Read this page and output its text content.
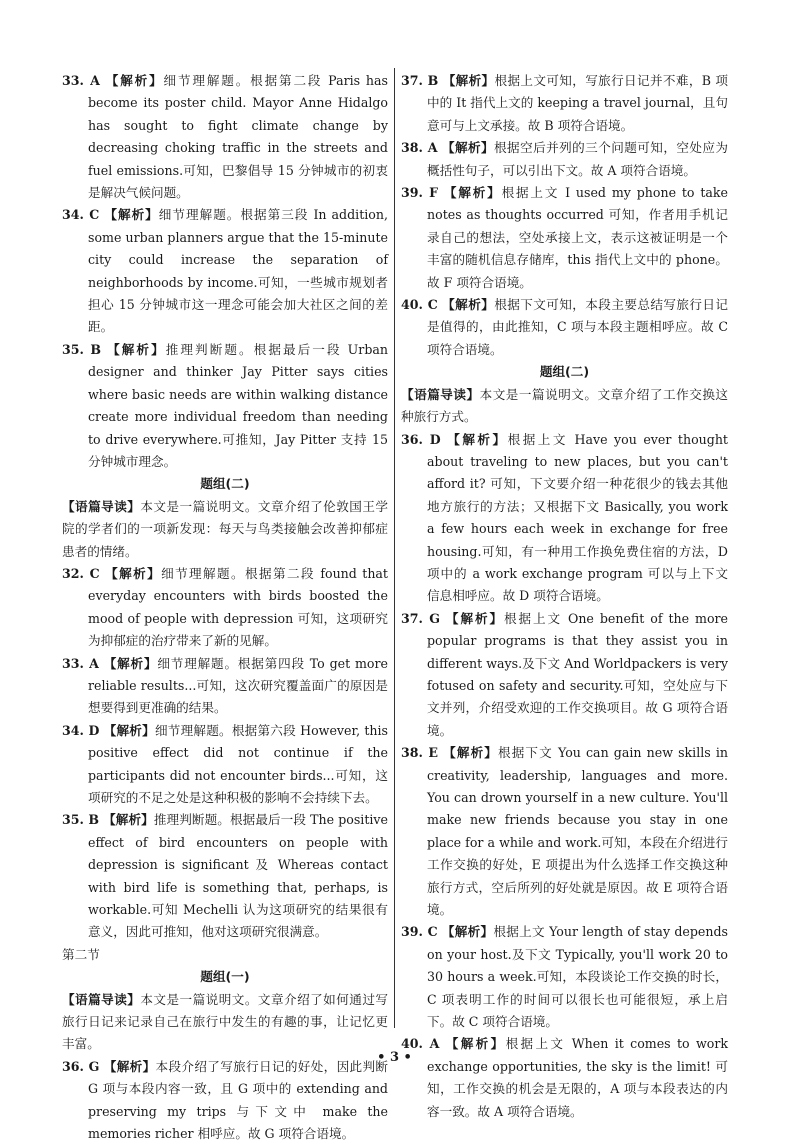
33. A 【解析】细节理解题。根据第二段 Paris has become its poster child. Mayor Anne Hidalgo has sought to fight climate change by decreasing choking traffic in the streets and fuel emissions.可知，巴黎倡导 15 分钟城市的初衷是解决气候问题。

34. C 【解析】细节理解题。根据第三段 In addition, some urban planners argue that the 15-minute city could increase the separation of neighborhoods by income.可知，一些城市规划者担心 15 分钟城市这一理念可能会加大社区之间的差距。

35. B 【解析】推理判断题。根据最后一段 Urban designer and thinker Jay Pitter says cities where basic needs are within walking distance create more individual freedom than needing to drive everywhere.可推知，Jay Pitter 支持 15 分钟城市理念。

题组(二)

【语篇导读】本文是一篇说明文。文章介绍了伦敦国王学院的学者们的一项新发现：每天与鸟类接触会改善抑郁症患者的情绪。

32. C 【解析】细节理解题。根据第二段 found that everyday encounters with birds boosted the mood of people with depression 可知，这项研究为抑郁症的治疗带来了新的见解。

33. A 【解析】细节理解题。根据第四段 To get more reliable results...可知，这次研究覆盖面广的原因是想要得到更准确的结果。

34. D 【解析】细节理解题。根据第六段 However, this positive effect did not continue if the participants did not encounter birds...可知，这项研究的不足之处是这种积极的影响不会持续下去。

35. B 【解析】推理判断题。根据最后一段 The positive effect of bird encounters on people with depression is significant 及 Whereas contact with bird life is something that, perhaps, is workable.可知 Mechelli 认为这项研究的结果很有意义，因此可推知，他对这项研究很满意。

第二节

题组(一)

【语篇导读】本文是一篇说明文。文章介绍了如何通过写旅行日记来记录自己在旅行中发生的有趣的事，让记忆更丰富。

36. G 【解析】本段介绍了写旅行日记的好处，因此判断 G 项与本段内容一致，且 G 项中的 extending and preserving my trips 与下文中 make the memories richer 相呼应。故 G 项符合语境。

37. B 【解析】根据上文可知，写旅行日记并不难，B 项中的 It 指代上文的 keeping a travel journal，且句意可与上文承接。故 B 项符合语境。

38. A 【解析】根据空后并列的三个问题可知，空处应为概括性句子，可以引出下文。故 A 项符合语境。

39. F 【解析】根据上文 I used my phone to take notes as thoughts occurred 可知，作者用手机记录自己的想法，空处承接上文，表示这被证明是一个丰富的随机信息存储库，this 指代上文中的 phone。故 F 项符合语境。

40. C 【解析】根据下文可知，本段主要总结写旅行日记是值得的，由此推知，C 项与本段主题相呼应。故 C 项符合语境。

题组(二)

【语篇导读】本文是一篇说明文。文章介绍了工作交换这种旅行方式。

36. D 【解析】根据上文 Have you ever thought about traveling to new places, but you can't afford it? 可知，下文要介绍一种花很少的钱去其他地方旅行的方法；又根据下文 Basically, you work a few hours each week in exchange for free housing.可知，有一种用工作换免费住宿的方法，D 项中的 a work exchange program 可以与上下文信息相呼应。故 D 项符合语境。

37. G 【解析】根据上文 One benefit of the more popular programs is that they assist you in different ways.及下文 And Worldpackers is very fotused on safety and security.可知，空处应与下文并列，介绍受欢迎的工作交换项目。故 G 项符合语境。

38. E 【解析】根据下文 You can gain new skills in creativity, leadership, languages and more. You can drown yourself in a new culture. You'll make new friends because you stay in one place for a while and work.可知，本段在介绍进行工作交换的好处，E 项提出为什么选择工作交换这种旅行方式，空后所列的好处就是原因。故 E 项符合语境。

39. C 【解析】根据上文 Your length of stay depends on your host.及下文 Typically, you'll work 20 to 30 hours a week.可知，本段谈论工作交换的时长，C 项表明工作的时间可以很长也可能很短，承上启下。故 C 项符合语境。

40. A 【解析】根据上文 When it comes to work exchange opportunities, the sky is the limit! 可知，工作交换的机会是无限的，A 项与本段表达的内容一致。故 A 项符合语境。

• 3 •
